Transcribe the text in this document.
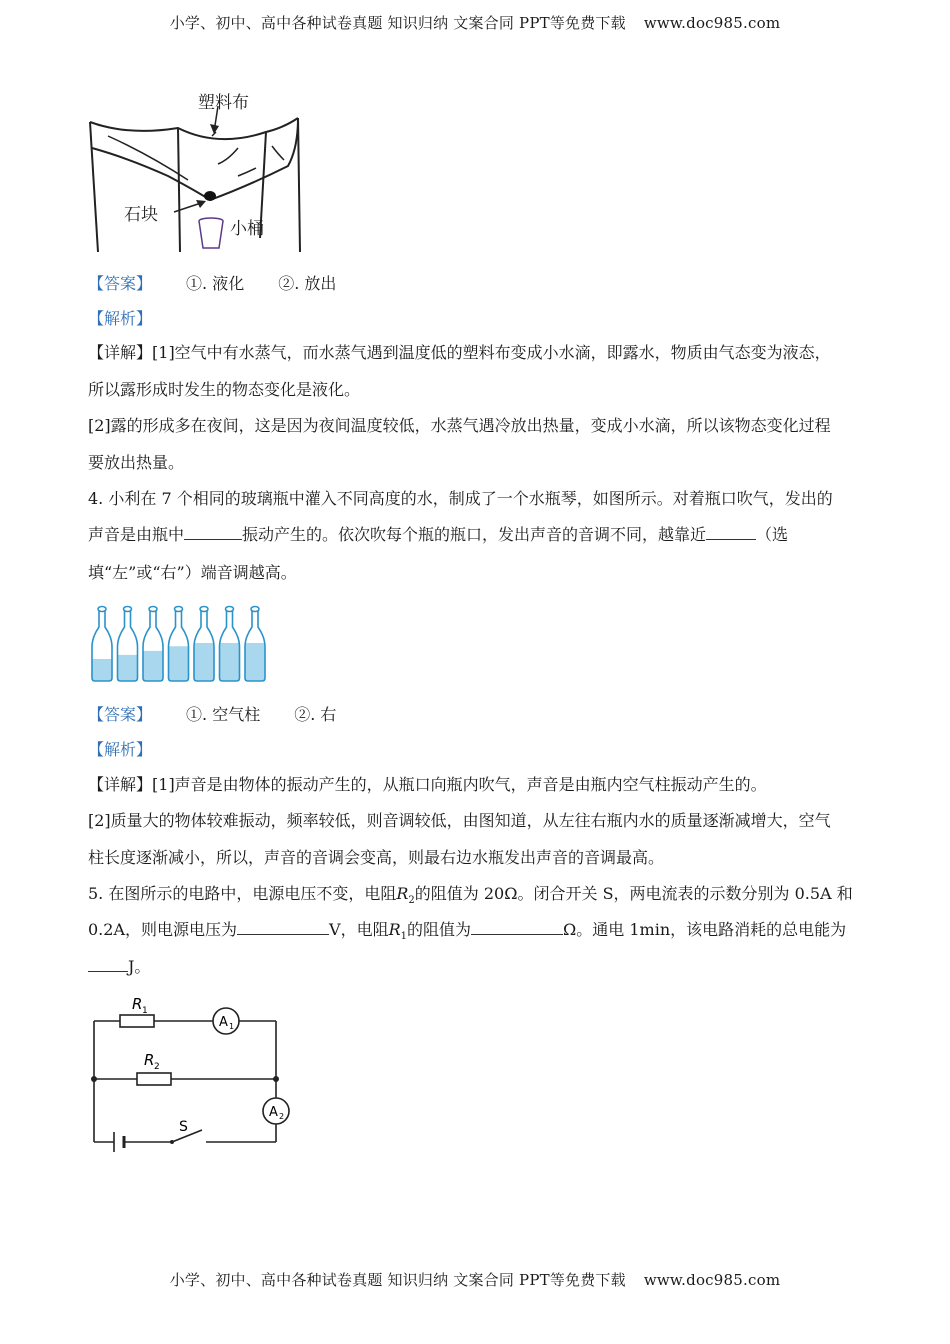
小学、初中、高中各种试卷真题 知识归纳 文案合同 PPT等免费下载 www.doc985.com
塑料布
石块
小桶
【答案】 ①. 液化 ②. 放出
【解析】
【详解】[1]空气中有水蒸气，而水蒸气遇到温度低的塑料布变成小水滴，即露水，物质由气态变为液态，
所以露形成时发生的物态变化是液化。
[2]露的形成多在夜间，这是因为夜间温度较低，水蒸气遇冷放出热量，变成小水滴，所以该物态变化过程
要放出热量。
4. 小利在 7 个相同的玻璃瓶中灌入不同高度的水，制成了一个水瓶琴，如图所示。对着瓶口吹气，发出的
声音是由瓶中	振动产生的。依次吹每个瓶的瓶口，发出声音的音调不同，越靠近	（选
填“左”或“右”）端音调越高。
【答案】 ①. 空气柱 ②. 右
【解析】
【详解】[1]声音是由物体的振动产生的，从瓶口向瓶内吹气，声音是由瓶内空气柱振动产生的。
[2]质量大的物体较难振动，频率较低，则音调较低，由图知道，从左往右瓶内水的质量逐渐减增大，空气
柱长度逐渐减小，所以，声音的音调会变高，则最右边水瓶发出声音的音调最高。
5. 在图所示的电路中，电源电压不变，电阻$R_2$的阻值为 20Ω。闭合开关 S，两电流表的示数分别为 0.5A 和
0.2A，则电源电压为	V，电阻$R_1$的阻值为	Ω。通电 1min，该电路消耗的总电能为
J。
R 1
R 2
A 1
A 2
S
小学、初中、高中各种试卷真题 知识归纳 文案合同 PPT等免费下载 www.doc985.com
